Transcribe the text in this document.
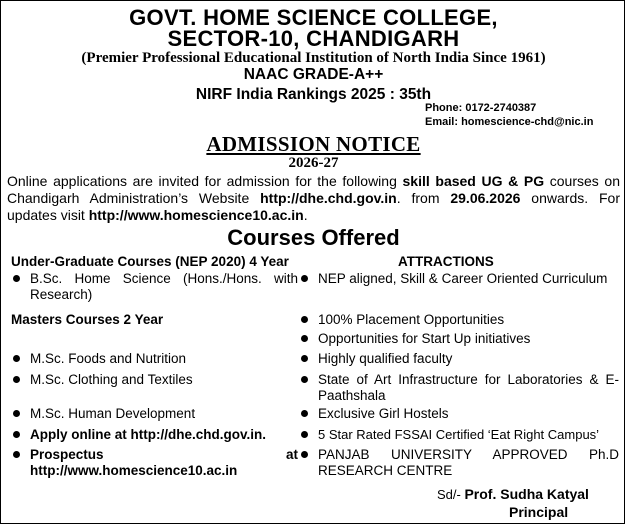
GOVT. HOME SCIENCE COLLEGE,
SECTOR-10, CHANDIGARH
(Premier Professional Educational Institution of North India Since 1961)
NAAC GRADE-A++
NIRF India Rankings 2025 : 35th
Phone: 0172-2740387
Email: homescience-chd@nic.in
ADMISSION NOTICE
2026-27
Online applications are invited for admission for the following skill based UG & PG courses on Chandigarh Administration’s Website http://dhe.chd.gov.in. from 29.06.2026 onwards. For updates visit http://www.homescience10.ac.in.
Courses Offered
Under-Graduate Courses (NEP 2020) 4 Year
B.Sc. Home Science (Hons./Hons. with Research)
Masters Courses 2 Year
M.Sc. Foods and Nutrition
M.Sc. Clothing and Textiles
M.Sc. Human Development
Apply online at http://dhe.chd.gov.in.
Prospectus at http://www.homescience10.ac.in
ATTRACTIONS
NEP aligned, Skill & Career Oriented Curriculum
100% Placement Opportunities
Opportunities for Start Up initiatives
Highly qualified faculty
State of Art Infrastructure for Laboratories & E-Paathshala
Exclusive Girl Hostels
5 Star Rated FSSAI Certified ‘Eat Right Campus’
PANJAB UNIVERSITY APPROVED Ph.D RESEARCH CENTRE
Sd/- Prof. Sudha Katyal
Principal
